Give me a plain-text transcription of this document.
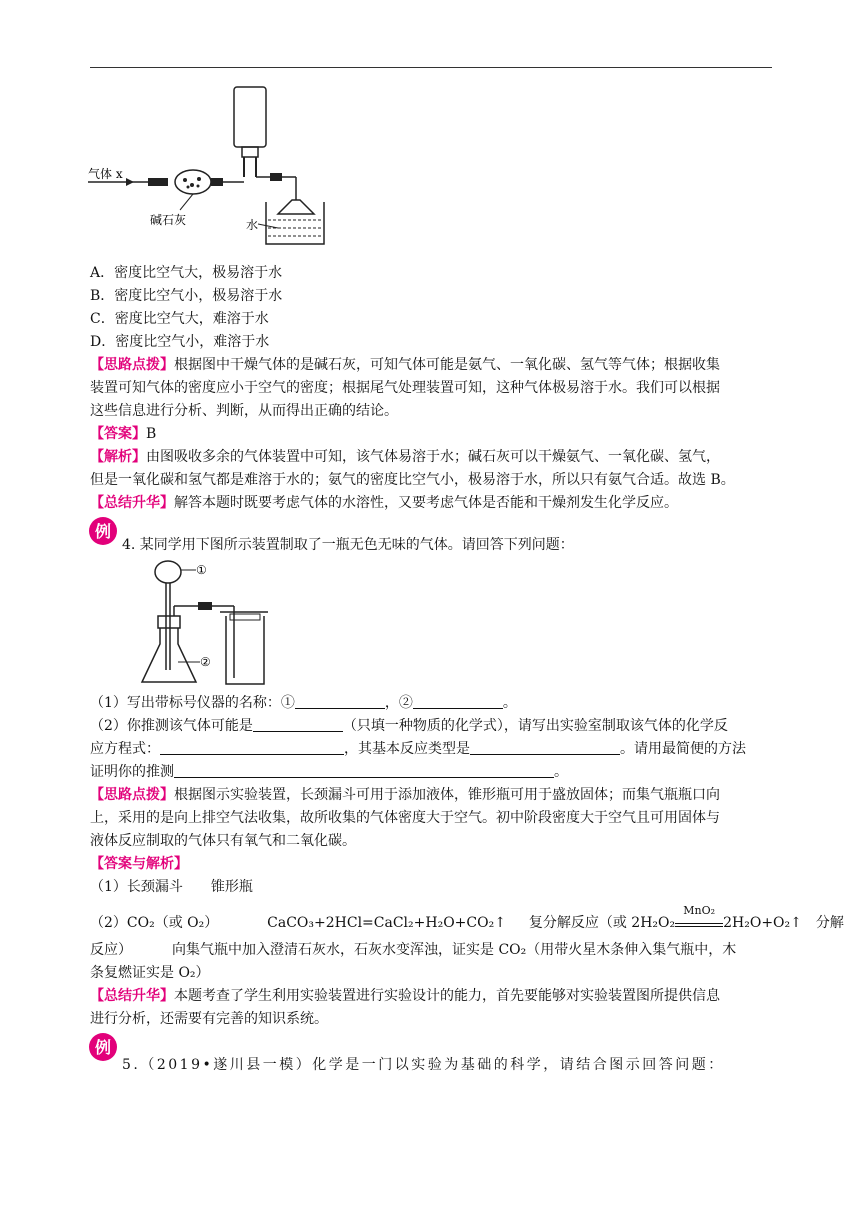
气体 x
碱石灰	水
A．密度比空气大，极易溶于水
B．密度比空气小，极易溶于水
C．密度比空气大，难溶于水
D．密度比空气小，难溶于水
【思路点拨】根据图中干燥气体的是碱石灰，可知气体可能是氨气、一氧化碳、氢气等气体；根据收集
装置可知气体的密度应小于空气的密度；根据尾气处理装置可知，这种气体极易溶于水。我们可以根据
这些信息进行分析、判断，从而得出正确的结论。
【答案】B
【解析】由图吸收多余的气体装置中可知，该气体易溶于水；碱石灰可以干燥氨气、一氧化碳、氢气，
但是一氧化碳和氢气都是难溶于水的；氨气的密度比空气小，极易溶于水，所以只有氨气合适。故选 B。
【总结升华】解答本题时既要考虑气体的水溶性，又要考虑气体是否能和干燥剂发生化学反应。
例
4. 某同学用下图所示装置制取了一瓶无色无味的气体。请回答下列问题：
①
②
（1）写出带标号仪器的名称：①	，②	。
（2）你推测该气体可能是	（只填一种物质的化学式），请写出实验室制取该气体的化学反
应方程式：	，其基本反应类型是	。请用最简便的方法
证明你的推测	。
【思路点拨】根据图示实验装置，长颈漏斗可用于添加液体，锥形瓶可用于盛放固体；而集气瓶瓶口向
上，采用的是向上排空气法收集，故所收集的气体密度大于空气。初中阶段密度大于空气且可用固体与
液体反应制取的气体只有氧气和二氧化碳。
【答案与解析】
（1）长颈漏斗　　锥形瓶
（2）CO₂（或 O₂）	CaCO₃+2HCl=CaCl₂+H₂O+CO₂↑ 复分解反应（或 2H₂O₂
MnO₂
2H₂O+O₂↑　分解
反应）	向集气瓶中加入澄清石灰水，石灰水变浑浊，证实是 CO₂（用带火星木条伸入集气瓶中，木
条复燃证实是 O₂）
【总结升华】本题考查了学生利用实验装置进行实验设计的能力，首先要能够对实验装置图所提供信息
进行分析，还需要有完善的知识系统。
例
5.（2019•遂川县一模）化学是一门以实验为基础的科学，请结合图示回答问题：
